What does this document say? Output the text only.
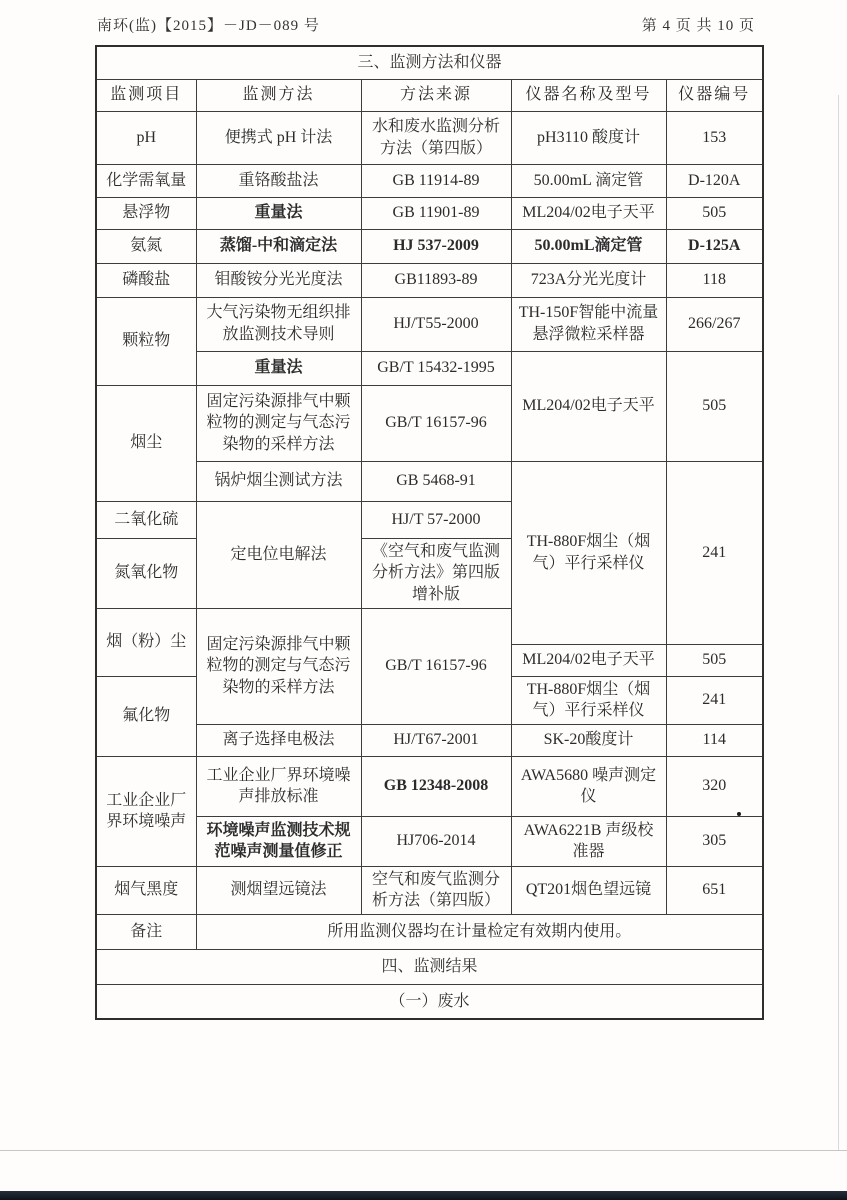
南环(监)【2015】－JD－089 号	第 4 页 共 10 页
三、监测方法和仪器				
监测项目	监测方法	方法来源	仪器名称及型号	仪器编号
pH	便携式 pH 计法	水和废水监测分析方法（第四版）	pH3110 酸度计	153
化学需氧量	重铬酸盐法	GB 11914-89	50.00mL 滴定管	D-120A
悬浮物	重量法	GB 11901-89	ML204/02电子天平	505
氨氮	蒸馏-中和滴定法	HJ 537-2009	50.00mL滴定管	D-125A
磷酸盐	钼酸铵分光光度法	GB11893-89	723A分光光度计	118
颗粒物	大气污染物无组织排放监测技术导则	HJ/T55-2000	TH-150F智能中流量悬浮微粒采样器	266/267
	重量法	GB/T 15432-1995	ML204/02电子天平	505
烟尘	固定污染源排气中颗粒物的测定与气态污染物的采样方法	GB/T 16157-96		
	锅炉烟尘测试方法	GB 5468-91	TH-880F烟尘（烟气）平行采样仪	241
二氧化硫	定电位电解法	HJ/T 57-2000		
氮氧化物		《空气和废气监测分析方法》第四版增补版		
烟（粉）尘	固定污染源排气中颗粒物的测定与气态污染物的采样方法	GB/T 16157-96		
			ML204/02电子天平	505
氟化物			TH-880F烟尘（烟气）平行采样仪	241
	离子选择电极法	HJ/T67-2001	SK-20酸度计	114
工业企业厂界环境噪声	工业企业厂界环境噪声排放标准	GB 12348-2008	AWA5680 噪声测定仪	320
	环境噪声监测技术规范噪声测量值修正	HJ706-2014	AWA6221B 声级校准器	305
烟气黑度	测烟望远镜法	空气和废气监测分析方法（第四版）	QT201烟色望远镜	651
备注	所用监测仪器均在计量检定有效期内使用。			
四、监测结果				
（一）废水				
